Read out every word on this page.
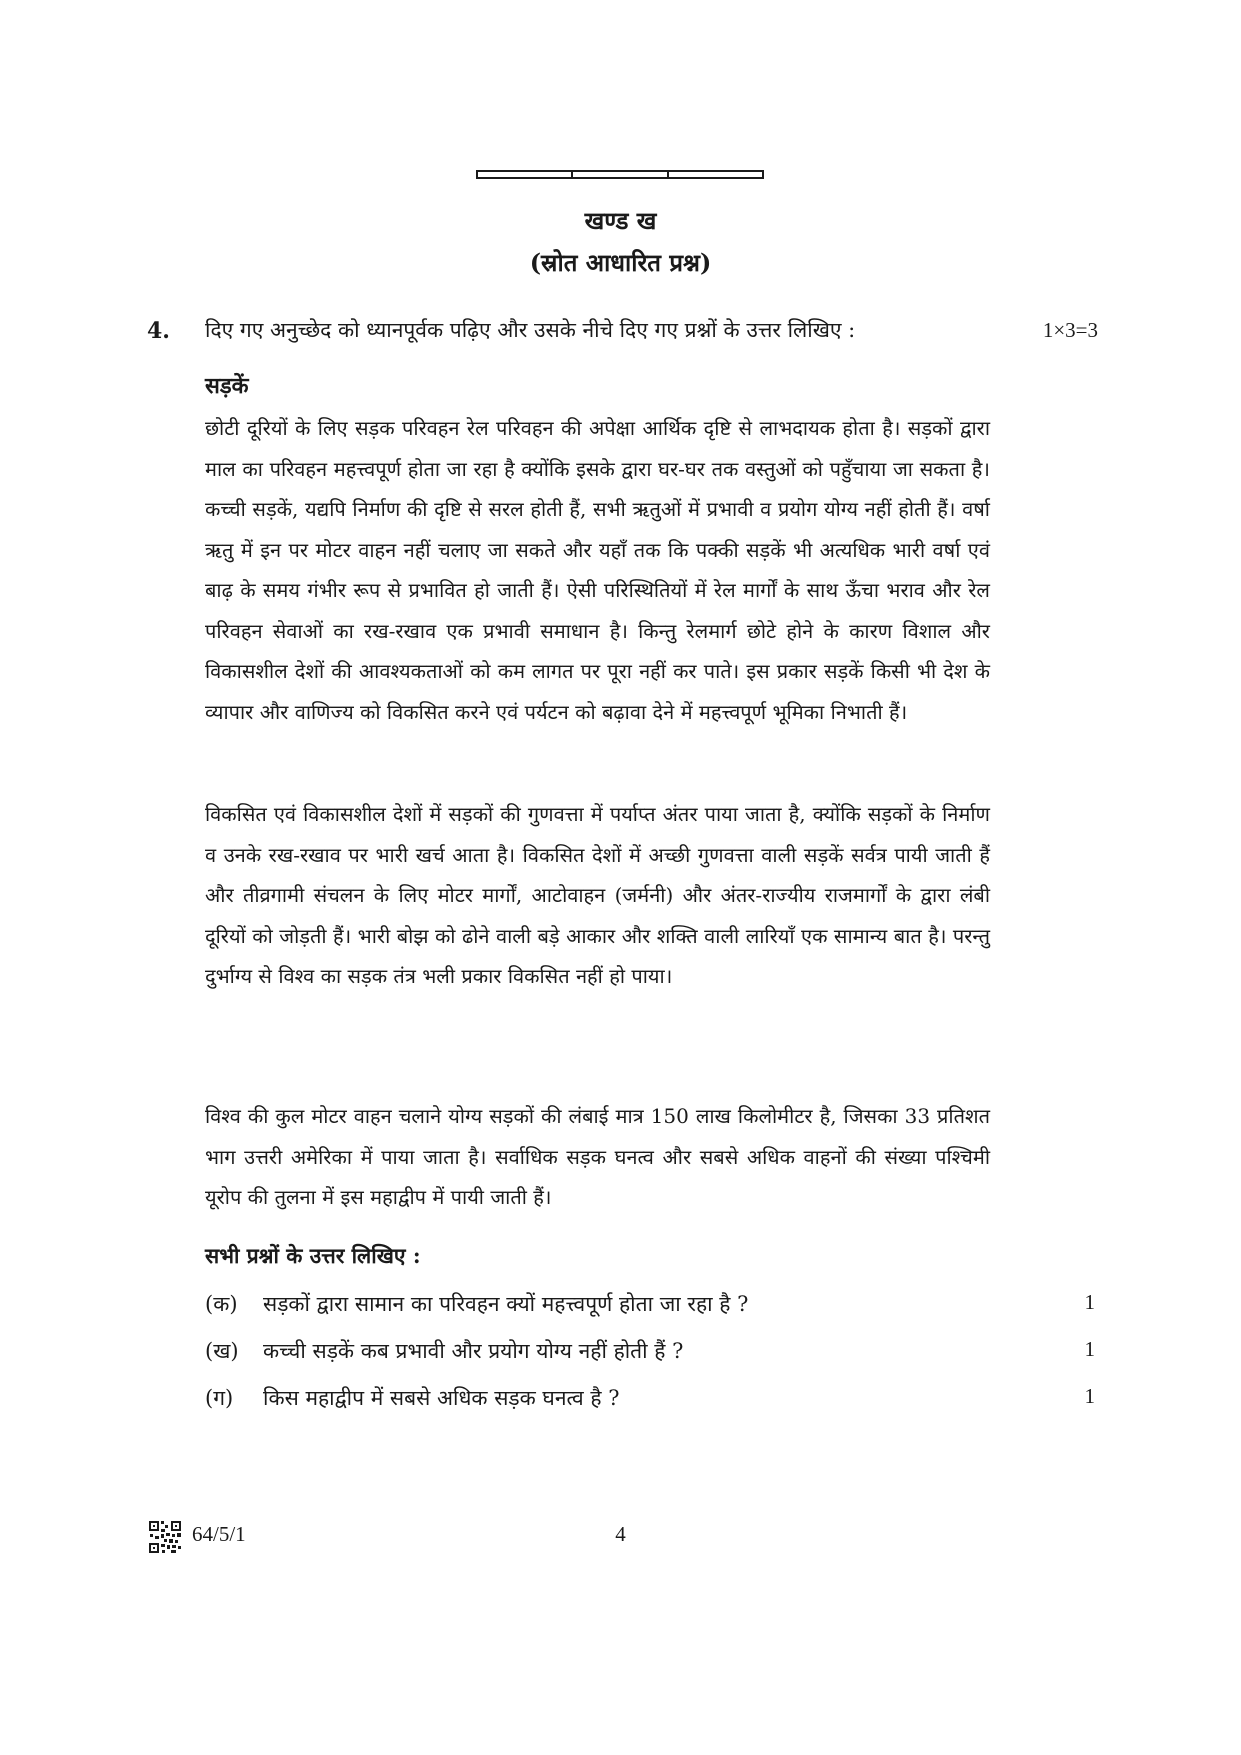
खण्ड ख
(स्रोत आधारित प्रश्न)
4. दिए गए अनुच्छेद को ध्यानपूर्वक पढ़िए और उसके नीचे दिए गए प्रश्नों के उत्तर लिखिए :	1×3=3
सड़कें

छोटी दूरियों के लिए सड़क परिवहन रेल परिवहन की अपेक्षा आर्थिक दृष्टि से लाभदायक होता है। सड़कों द्वारा माल का परिवहन महत्त्वपूर्ण होता जा रहा है क्योंकि इसके द्वारा घर-घर तक वस्तुओं को पहुँचाया जा सकता है। कच्ची सड़कें, यद्यपि निर्माण की दृष्टि से सरल होती हैं, सभी ऋतुओं में प्रभावी व प्रयोग योग्य नहीं होती हैं। वर्षा ऋतु में इन पर मोटर वाहन नहीं चलाए जा सकते और यहाँ तक कि पक्की सड़कें भी अत्यधिक भारी वर्षा एवं बाढ़ के समय गंभीर रूप से प्रभावित हो जाती हैं। ऐसी परिस्थितियों में रेल मार्गों के साथ ऊँचा भराव और रेल परिवहन सेवाओं का रख-रखाव एक प्रभावी समाधान है। किन्तु रेलमार्ग छोटे होने के कारण विशाल और विकासशील देशों की आवश्यकताओं को कम लागत पर पूरा नहीं कर पाते। इस प्रकार सड़कें किसी भी देश के व्यापार और वाणिज्य को विकसित करने एवं पर्यटन को बढ़ावा देने में महत्त्वपूर्ण भूमिका निभाती हैं।

विकसित एवं विकासशील देशों में सड़कों की गुणवत्ता में पर्याप्त अंतर पाया जाता है, क्योंकि सड़कों के निर्माण व उनके रख-रखाव पर भारी खर्च आता है। विकसित देशों में अच्छी गुणवत्ता वाली सड़कें सर्वत्र पायी जाती हैं और तीव्रगामी संचलन के लिए मोटर मार्गों, आटोवाहन (जर्मनी) और अंतर-राज्यीय राजमार्गों के द्वारा लंबी दूरियों को जोड़ती हैं। भारी बोझ को ढोने वाली बड़े आकार और शक्ति वाली लारियाँ एक सामान्य बात है। परन्तु दुर्भाग्य से विश्व का सड़क तंत्र भली प्रकार विकसित नहीं हो पाया।

विश्व की कुल मोटर वाहन चलाने योग्य सड़कों की लंबाई मात्र 150 लाख किलोमीटर है, जिसका 33 प्रतिशत भाग उत्तरी अमेरिका में पाया जाता है। सर्वाधिक सड़क घनत्व और सबसे अधिक वाहनों की संख्या पश्चिमी यूरोप की तुलना में इस महाद्वीप में पायी जाती हैं।

सभी प्रश्नों के उत्तर लिखिए :
(क)	सड़कों द्वारा सामान का परिवहन क्यों महत्त्वपूर्ण होता जा रहा है ?	1
(ख)	कच्ची सड़कें कब प्रभावी और प्रयोग योग्य नहीं होती हैं ?	1
(ग)	किस महाद्वीप में सबसे अधिक सड़क घनत्व है ?	1
64/5/1	4
